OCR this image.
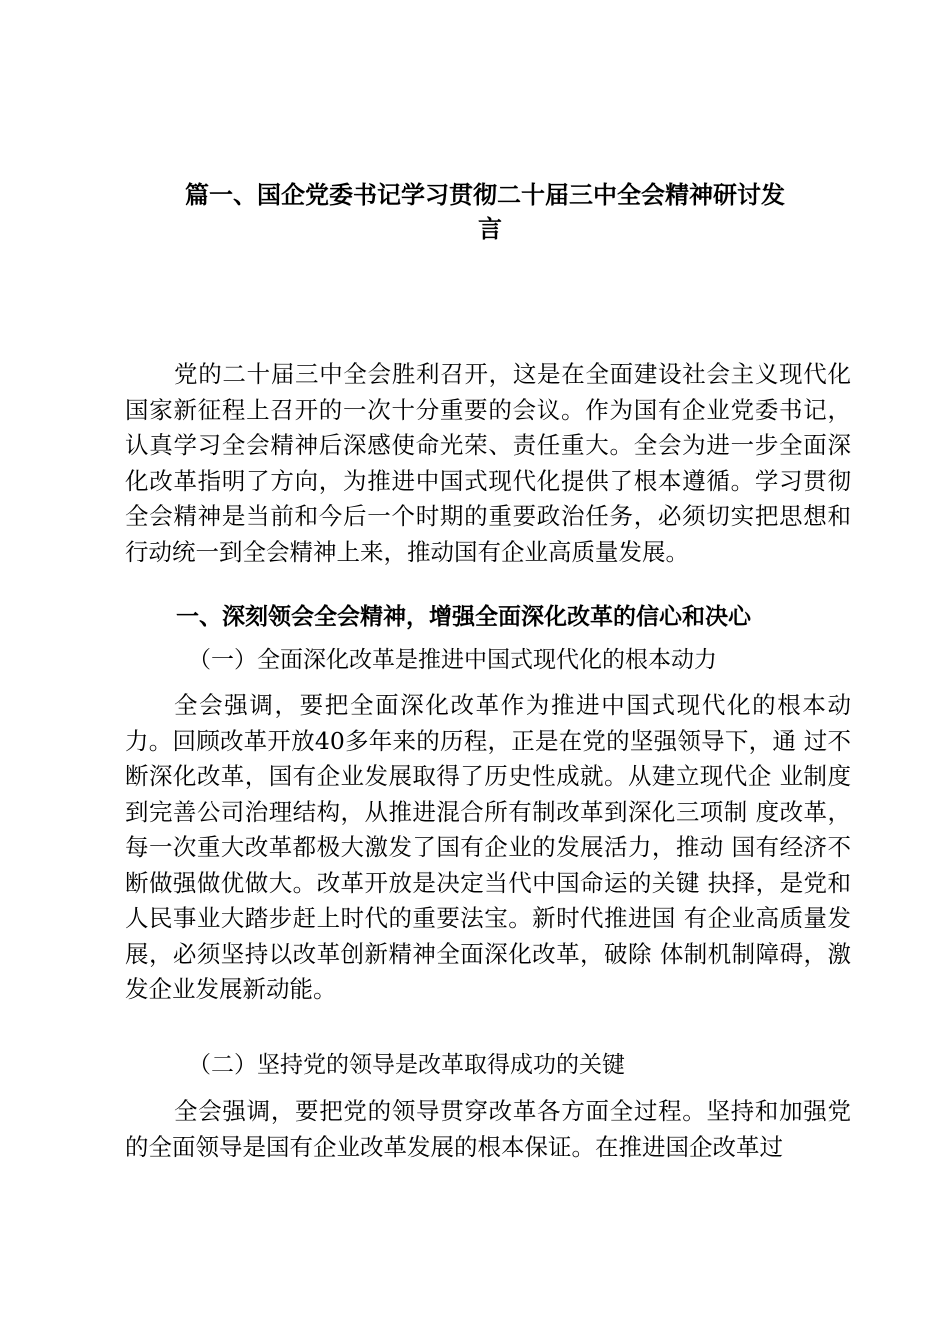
篇一、国企党委书记学习贯彻二十届三中全会精神研讨发
言

党的二十届三中全会胜利召开，这是在全面建设社会主义现代化国家新征程上召开的一次十分重要的会议。作为国有企业党委书记，认真学习全会精神后深感使命光荣、责任重大。全会为进一步全面深化改革指明了方向，为推进中国式现代化提供了根本遵循。学习贯彻全会精神是当前和今后一个时期的重要政治任务，必须切实把思想和行动统一到全会精神上来，推动国有企业高质量发展。

一、深刻领会全会精神，增强全面深化改革的信心和决心
（一）全面深化改革是推进中国式现代化的根本动力

全会强调，要把全面深化改革作为推进中国式现代化的根本动力。回顾改革开放40多年来的历程，正是在党的坚强领导下，通 过不断深化改革，国有企业发展取得了历史性成就。从建立现代企 业制度到完善公司治理结构，从推进混合所有制改革到深化三项制 度改革，每一次重大改革都极大激发了国有企业的发展活力，推动 国有经济不断做强做优做大。改革开放是决定当代中国命运的关键 抉择，是党和人民事业大踏步赶上时代的重要法宝。新时代推进国 有企业高质量发展，必须坚持以改革创新精神全面深化改革，破除 体制机制障碍，激发企业发展新动能。

（二）坚持党的领导是改革取得成功的关键

全会强调，要把党的领导贯穿改革各方面全过程。坚持和加强党的全面领导是国有企业改革发展的根本保证。在推进国企改革过
